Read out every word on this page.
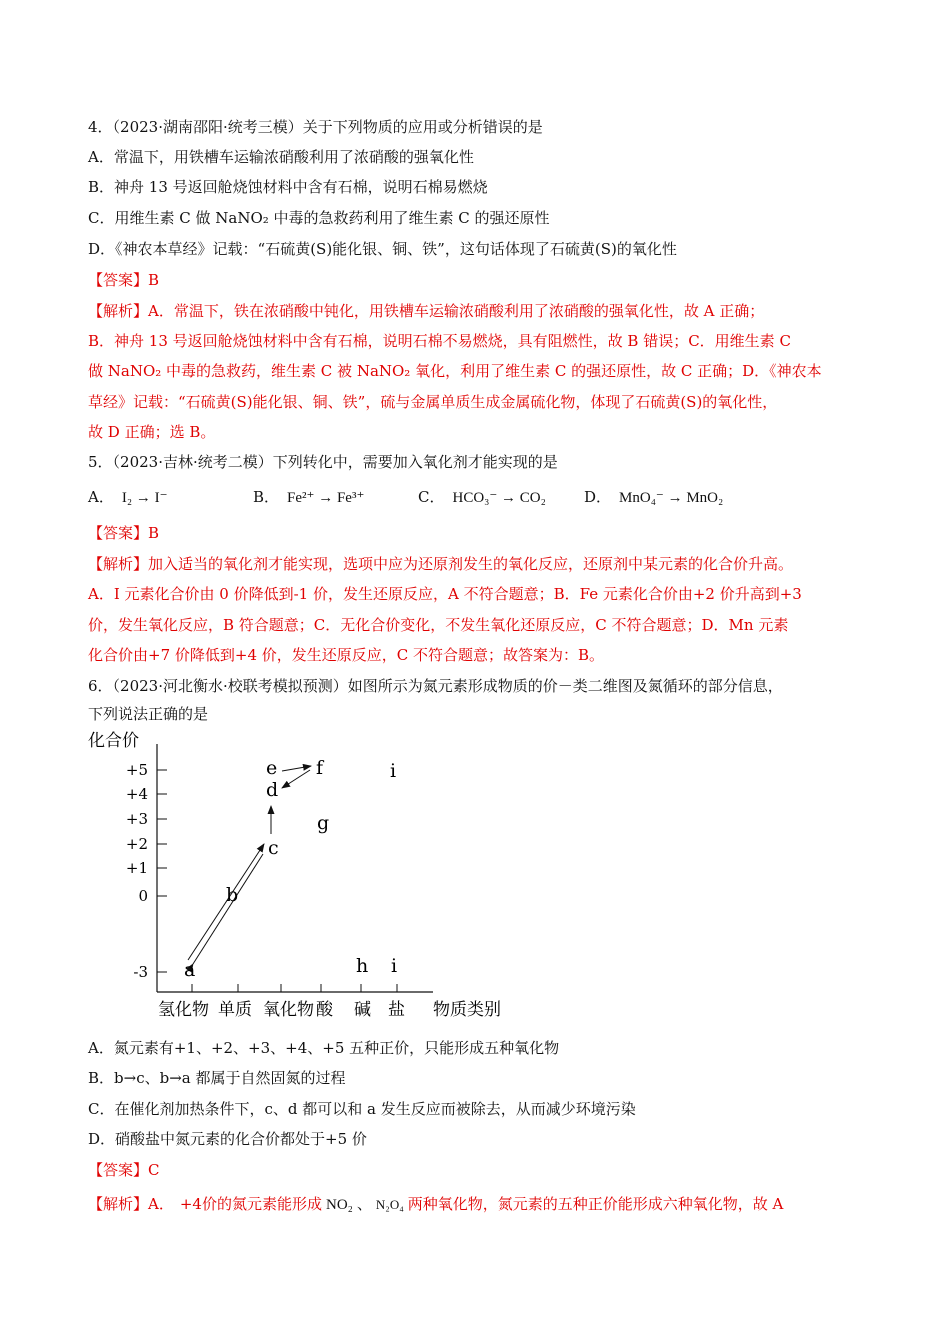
4．（2023·湖南邵阳·统考三模）关于下列物质的应用或分析错误的是
A．常温下，用铁槽车运输浓硝酸利用了浓硝酸的强氧化性
B．神舟 13 号返回舱烧蚀材料中含有石棉，说明石棉易燃烧
C．用维生素 C 做 NaNO₂ 中毒的急救药利用了维生素 C 的强还原性
D．《神农本草经》记载：“石硫黄(S)能化银、铜、铁”，这句话体现了石硫黄(S)的氧化性
【答案】B
【解析】A．常温下，铁在浓硝酸中钝化，用铁槽车运输浓硝酸利用了浓硝酸的强氧化性，故 A 正确；
B．神舟 13 号返回舱烧蚀材料中含有石棉，说明石棉不易燃烧，具有阻燃性，故 B 错误；C．用维生素 C
做 NaNO₂ 中毒的急救药，维生素 C 被 NaNO₂ 氧化，利用了维生素 C 的强还原性，故 C 正确；D．《神农本
草经》记载：“石硫黄(S)能化银、铜、铁”，硫与金属单质生成金属硫化物，体现了石硫黄(S)的氧化性，
故 D 正确；选 B。
5．（2023·吉林·统考二模）下列转化中，需要加入氧化剂才能实现的是
A． I₂ → I⁻	B． Fe²⁺ → Fe³⁺	C． HCO₃⁻ → CO₂	D． MnO₄⁻ → MnO₂
【答案】B
【解析】加入适当的氧化剂才能实现，选项中应为还原剂发生的氧化反应，还原剂中某元素的化合价升高。
A．I 元素化合价由 0 价降低到-1 价，发生还原反应，A 不符合题意；B．Fe 元素化合价由+2 价升高到+3
价，发生氧化反应，B 符合题意；C．无化合价变化，不发生氧化还原反应，C 不符合题意；D．Mn 元素
化合价由+7 价降低到+4 价，发生还原反应，C 不符合题意；故答案为：B。
6．（2023·河北衡水·校联考模拟预测）如图所示为氮元素形成物质的价－类二维图及氮循环的部分信息，
下列说法正确的是
化合价
物质类别
+5
+4
+3
+2
+1
0
-3
氢化物 单质 氧化物 酸 碱 盐
a
b
c
d
e f
g
h i
i
A．氮元素有+1、+2、+3、+4、+5 五种正价，只能形成五种氧化物
B．b→c、b→a 都属于自然固氮的过程
C．在催化剂加热条件下，c、d 都可以和 a 发生反应而被除去，从而减少环境污染
D．硝酸盐中氮元素的化合价都处于+5 价
【答案】C
【解析】A． +4价的氮元素能形成 NO₂ 、 N₂O₄ 两种氧化物，氮元素的五种正价能形成六种氧化物，故 A
